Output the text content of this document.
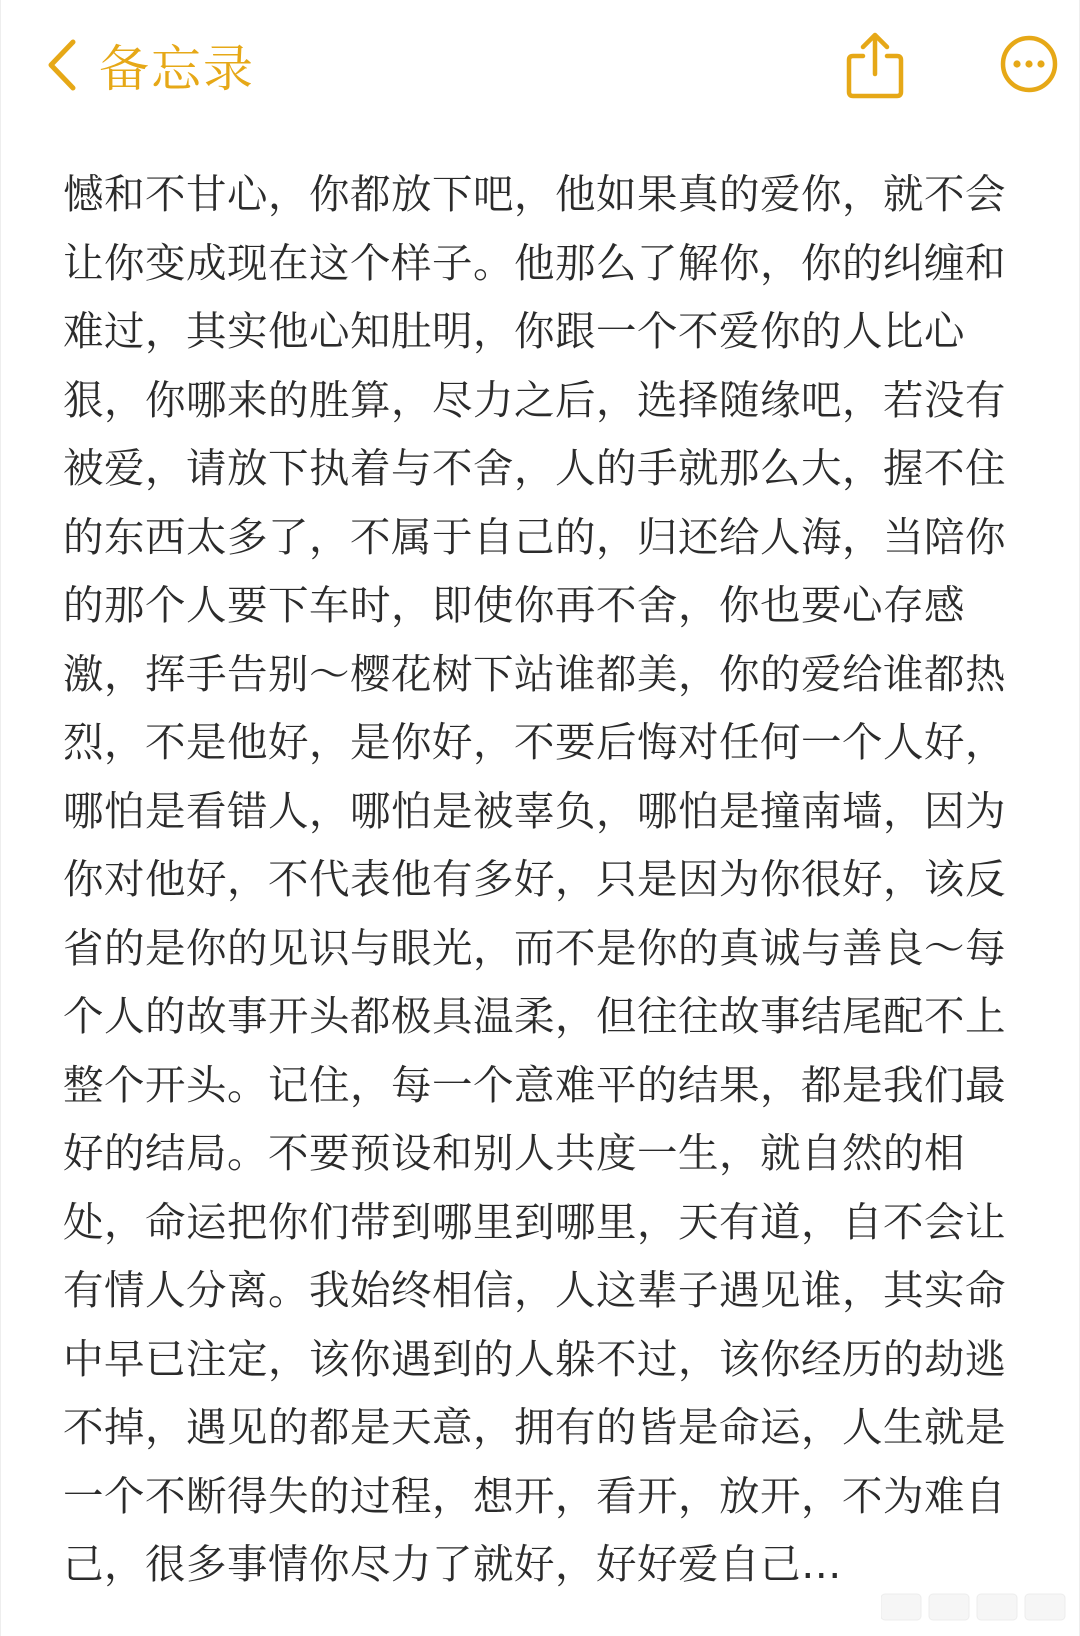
备忘录
憾和不甘心，你都放下吧，他如果真的爱你，就不会
让你变成现在这个样子。他那么了解你，你的纠缠和
难过，其实他心知肚明，你跟一个不爱你的人比心
狠，你哪来的胜算，尽力之后，选择随缘吧，若没有
被爱，请放下执着与不舍，人的手就那么大，握不住
的东西太多了，不属于自己的，归还给人海，当陪你
的那个人要下车时，即使你再不舍，你也要心存感
激，挥手告别～樱花树下站谁都美，你的爱给谁都热
烈，不是他好，是你好，不要后悔对任何一个人好，
哪怕是看错人，哪怕是被辜负，哪怕是撞南墙，因为
你对他好，不代表他有多好，只是因为你很好，该反
省的是你的见识与眼光，而不是你的真诚与善良～每
个人的故事开头都极具温柔，但往往故事结尾配不上
整个开头。记住，每一个意难平的结果，都是我们最
好的结局。不要预设和别人共度一生，就自然的相
处，命运把你们带到哪里到哪里，天有道，自不会让
有情人分离。我始终相信，人这辈子遇见谁，其实命
中早已注定，该你遇到的人躲不过，该你经历的劫逃
不掉，遇见的都是天意，拥有的皆是命运，人生就是
一个不断得失的过程，想开，看开，放开，不为难自
己，很多事情你尽力了就好，好好爱自己…
